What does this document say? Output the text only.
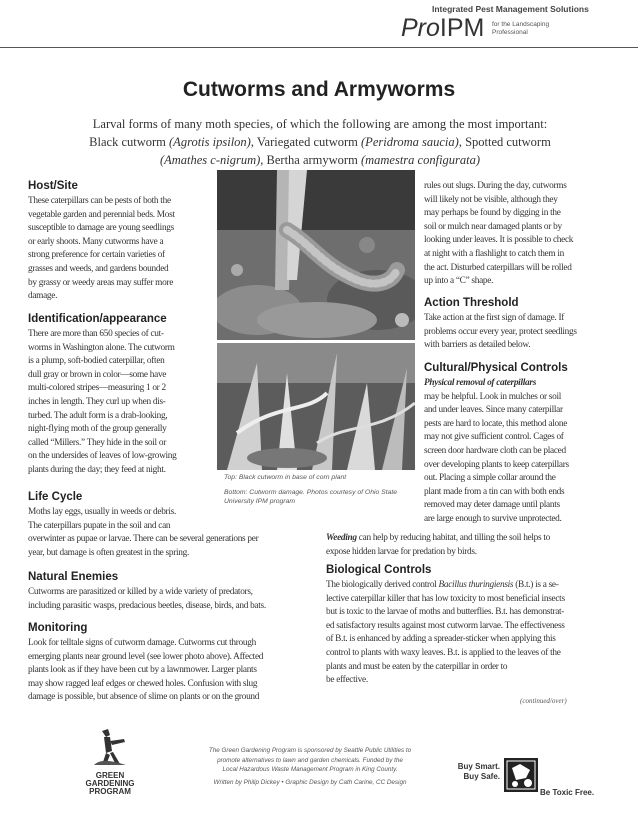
Integrated Pest Management Solutions
ProIPM for the Landscaping Professional
Cutworms and Armyworms
Larval forms of many moth species, of which the following are among the most important:
Black cutworm (Agrotis ipsilon), Variegated cutworm (Peridroma saucia), Spotted cutworm
(Amathes c-nigrum), Bertha armyworm (mamestra configurata)
Top: Black cutworm in base of corn plant
Bottom: Cutworm damage. Photos courtesy of Ohio State University IPM program
Host/Site

These caterpillars can be pests of both the

vegetable garden and perennial beds. Most

susceptible to damage are young seedlings

or early shoots. Many cutworms have a

strong preference for certain varieties of

grasses and weeds, and gardens bounded

by grassy or weedy areas may suffer more

damage.

Identification/appearance

There are more than 650 species of cut-

worms in Washington alone. The cutworm

is a plump, soft-bodied caterpillar, often

dull gray or brown in color—some have

multi-colored stripes—measuring 1 or 2

inches in length. They curl up when dis-

turbed. The adult form is a drab-looking,

night-flying moth of the group generally

called “Millers.” They hide in the soil or

on the undersides of leaves of low-growing

plants during the day; they feed at night.

Life Cycle

Moths lay eggs, usually in weeds or debris.

The caterpillars pupate in the soil and can

overwinter as pupae or larvae. There can be several generations per

year, but damage is often greatest in the spring.

Natural Enemies

Cutworms are parasitized or killed by a wide variety of predators,

including parasitic wasps, predacious beetles, disease, birds, and bats.

Monitoring

Look for telltale signs of cutworm damage. Cutworms cut through

emerging plants near ground level (see lower photo above). Affected

plants look as if they have been cut by a lawnmower. Larger plants

may show ragged leaf edges or chewed holes. Confusion with slug

damage is possible, but absence of slime on plants or on the ground

rules out slugs. During the day, cutworms

will likely not be visible, although they

may perhaps be found by digging in the

soil or mulch near damaged plants or by

looking under leaves. It is possible to check

at night with a flashlight to catch them in

the act. Disturbed caterpillars will be rolled

up into a “C” shape.

Action Threshold

Take action at the first sign of damage. If

problems occur every year, protect seedlings

with barriers as detailed below.

Cultural/Physical Controls

Physical removal of caterpillars

may be helpful. Look in mulches or soil

and under leaves. Since many caterpillar

pests are hard to locate, this method alone

may not give sufficient control. Cages of

screen door hardware cloth can be placed

over developing plants to keep caterpillars

out. Placing a simple collar around the

plant made from a tin can with both ends

removed may deter damage until plants

are large enough to survive unprotected.

Weeding can help by reducing habitat, and tilling the soil helps to

expose hidden larvae for predation by birds.

Biological Controls

The biologically derived control Bacillus thuringiensis (B.t.) is a se-

lective caterpillar killer that has low toxicity to most beneficial insects

but is toxic to the larvae of moths and butterflies. B.t. has demonstrat-

ed satisfactory results against most cutworm larvae. The effectiveness

of B.t. is enhanced by adding a spreader-sticker when applying this

control to plants with waxy leaves. B.t. is applied to the leaves of the

plants and must be eaten by the caterpillar in order to

be effective.

(continued/over)
GREEN
GARDENING
PROGRAM
The Green Gardening Program is sponsored by Seattle Public Utilities to
promote alternatives to lawn and garden chemicals. Funded by the
Local Hazardous Waste Management Program in King County.
Written by Philip Dickey • Graphic Design by Cath Carine, CC Design
Buy Smart.
Buy Safe.
Be Toxic Free.
